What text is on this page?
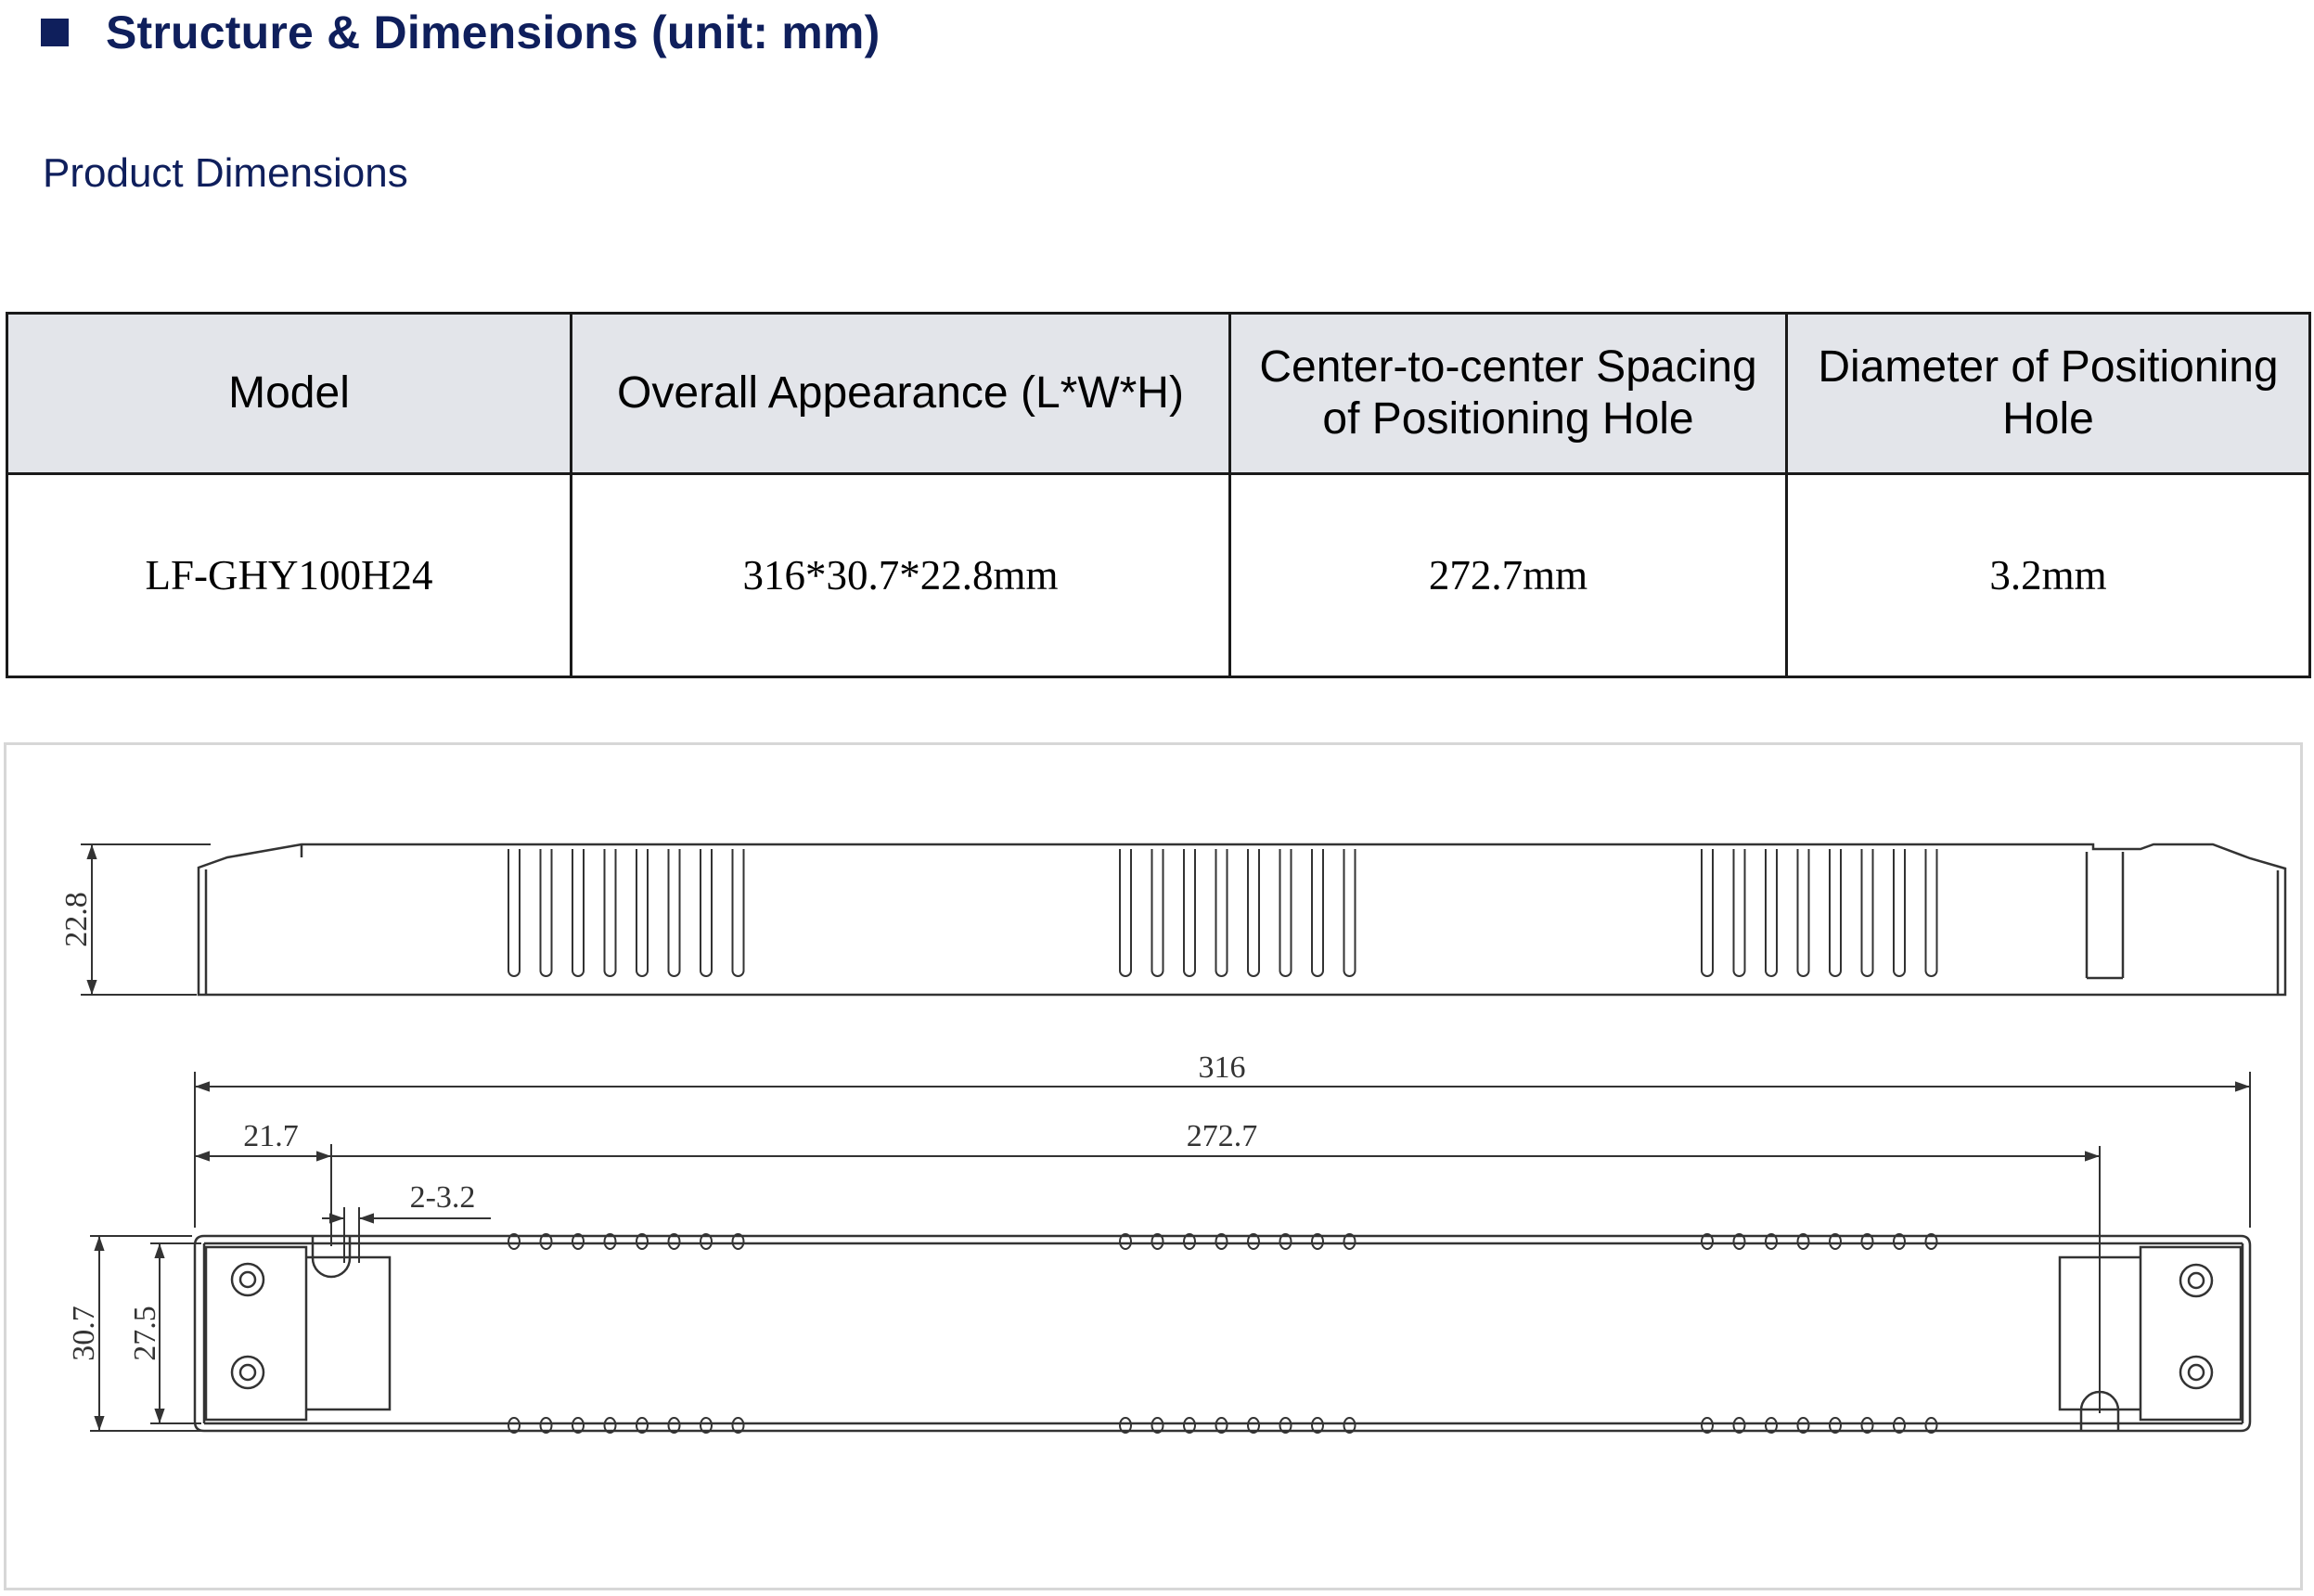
Structure & Dimensions (unit: mm)
Product Dimensions
Model	Overall Appearance (L*W*H)	Center-to-center Spacing of Positioning Hole	Diameter of Positioning Hole
LF-GHY100H24	316*30.7*22.8mm	272.7mm	3.2mm
22.8
316
21.7	272.7
2-3.2
30.7 27.5
